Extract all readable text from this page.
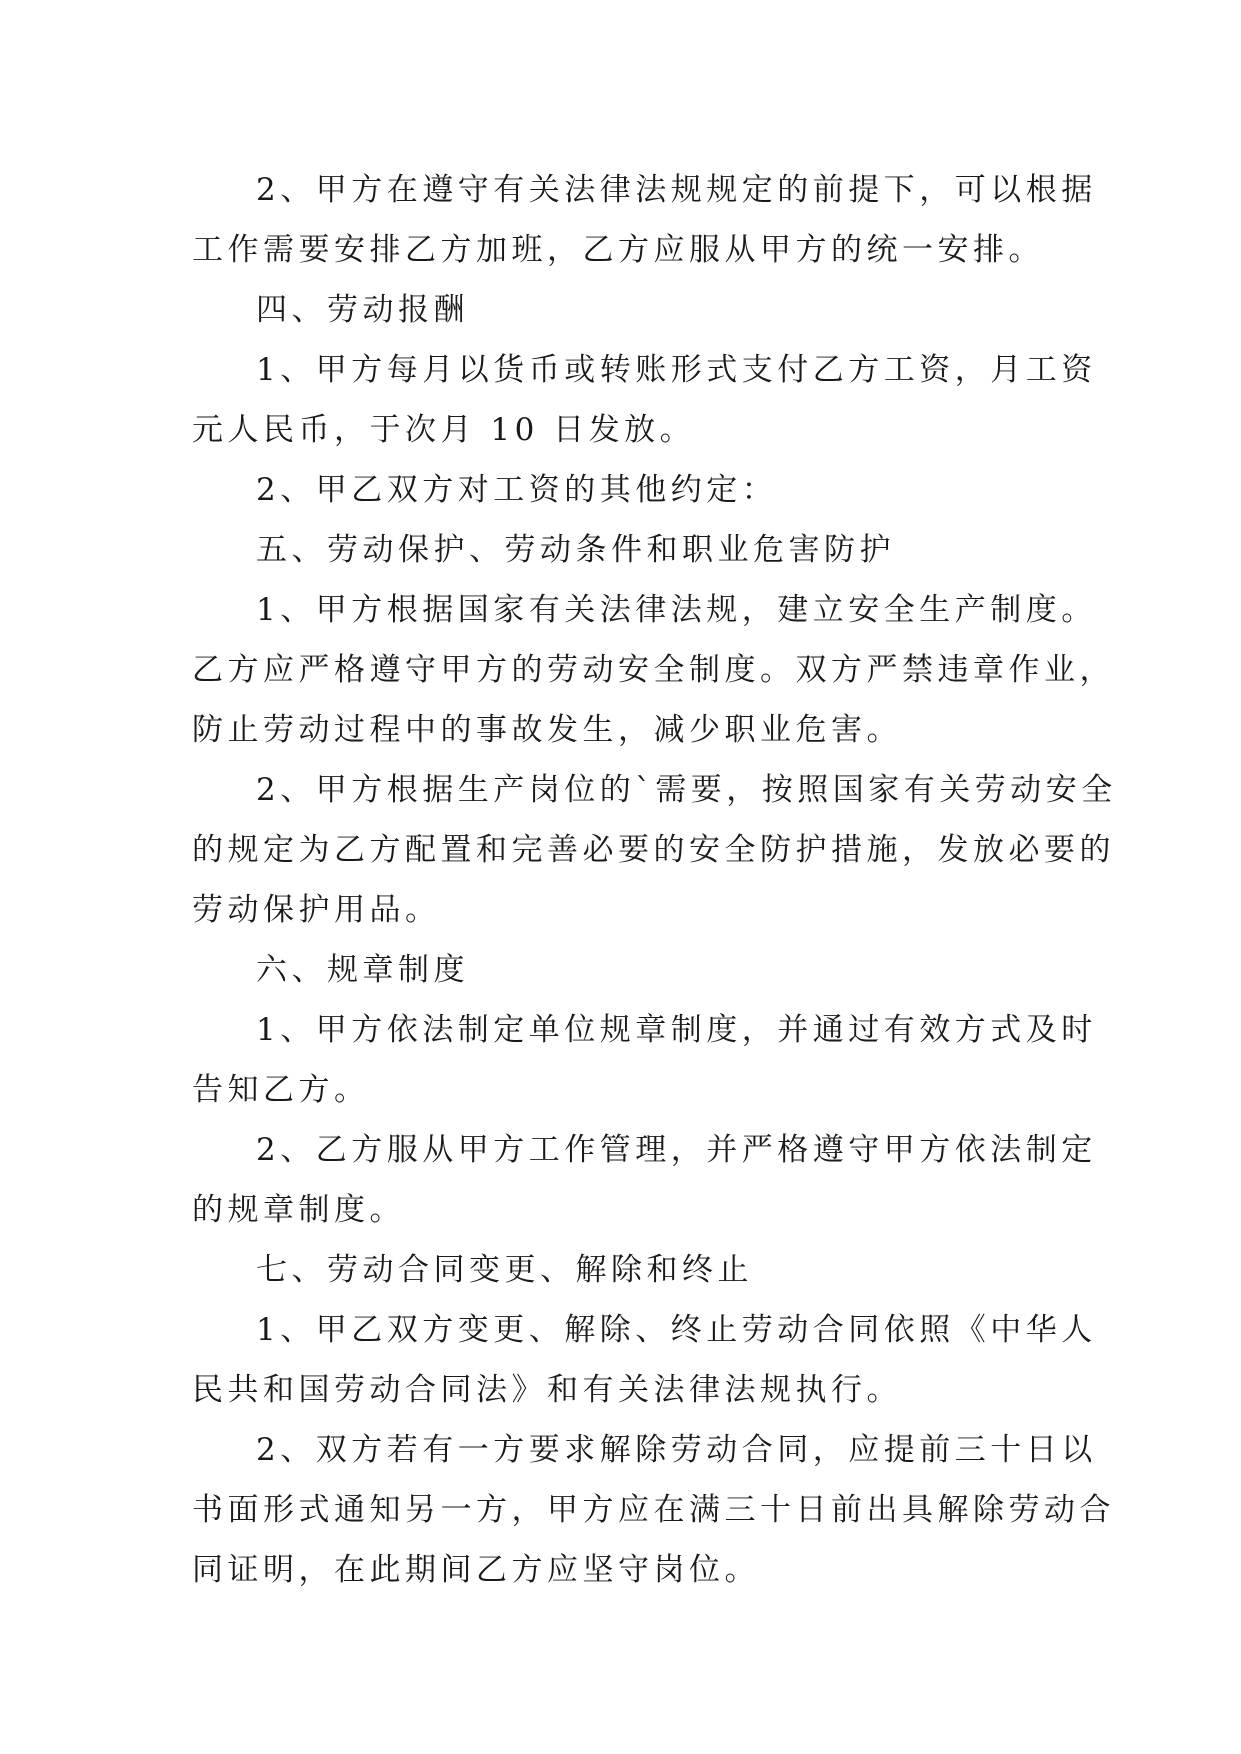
2、甲方在遵守有关法律法规规定的前提下，可以根据
工作需要安排乙方加班，乙方应服从甲方的统一安排。
四、劳动报酬
1、甲方每月以货币或转账形式支付乙方工资，月工资
元人民币，于次月 10 日发放。
2、甲乙双方对工资的其他约定：
五、劳动保护、劳动条件和职业危害防护
1、甲方根据国家有关法律法规，建立安全生产制度。
乙方应严格遵守甲方的劳动安全制度。双方严禁违章作业，
防止劳动过程中的事故发生，减少职业危害。
2、甲方根据生产岗位的`需要，按照国家有关劳动安全
的规定为乙方配置和完善必要的安全防护措施，发放必要的
劳动保护用品。
六、规章制度
1、甲方依法制定单位规章制度，并通过有效方式及时
告知乙方。
2、乙方服从甲方工作管理，并严格遵守甲方依法制定
的规章制度。
七、劳动合同变更、解除和终止
1、甲乙双方变更、解除、终止劳动合同依照《中华人
民共和国劳动合同法》和有关法律法规执行。
2、双方若有一方要求解除劳动合同，应提前三十日以
书面形式通知另一方，甲方应在满三十日前出具解除劳动合
同证明，在此期间乙方应坚守岗位。
